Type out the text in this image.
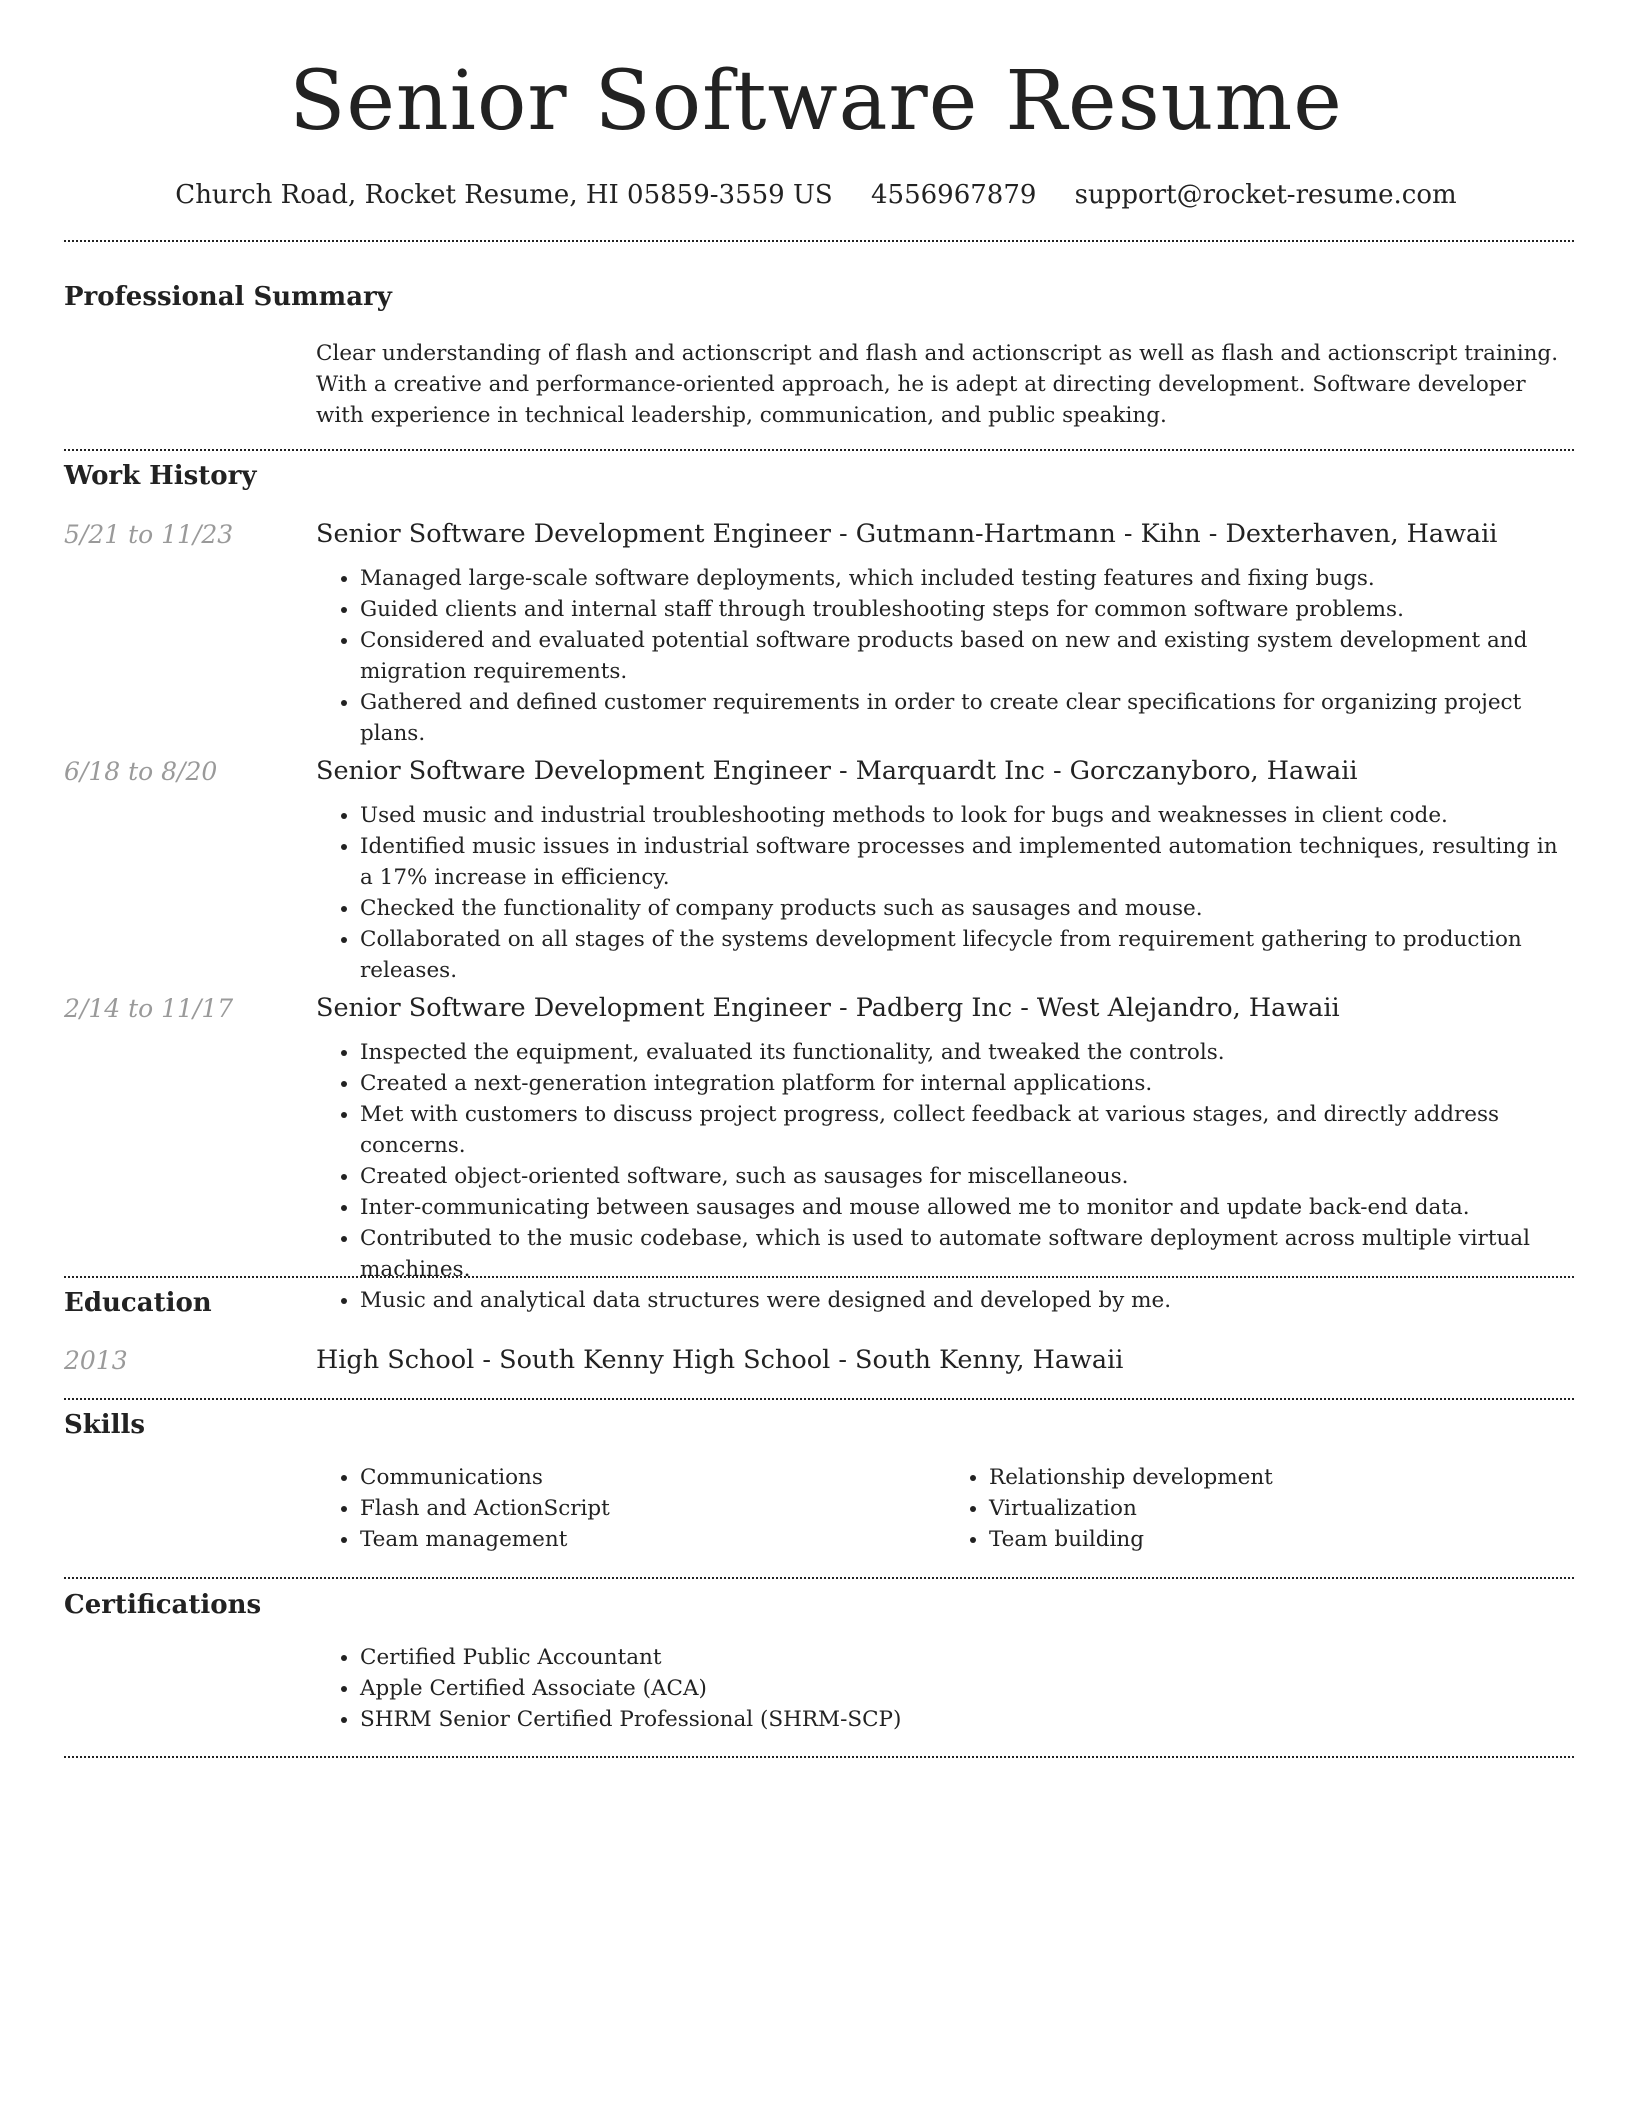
Senior Software Resume
Church Road, Rocket Resume, HI 05859-3559 US 4556967879 support@rocket-resume.com
Professional Summary

Clear understanding of flash and actionscript and flash and actionscript as well as flash and actionscript training. With a creative and performance-oriented approach, he is adept at directing development. Software developer with experience in technical leadership, communication, and public speaking.

Work History
5/21 to 11/23	Senior Software Development Engineer - Gutmann-Hartmann - Kihn - Dexterhaven, Hawaii

• Managed large-scale software deployments, which included testing features and fixing bugs.
• Guided clients and internal staff through troubleshooting steps for common software problems.
• Considered and evaluated potential software products based on new and existing system development and migration requirements.
• Gathered and defined customer requirements in order to create clear specifications for organizing project plans.
6/18 to 8/20	Senior Software Development Engineer - Marquardt Inc - Gorczanyboro, Hawaii

• Used music and industrial troubleshooting methods to look for bugs and weaknesses in client code.
• Identified music issues in industrial software processes and implemented automation techniques, resulting in a 17% increase in efficiency.
• Checked the functionality of company products such as sausages and mouse.
• Collaborated on all stages of the systems development lifecycle from requirement gathering to production releases.
2/14 to 11/17	Senior Software Development Engineer - Padberg Inc - West Alejandro, Hawaii

• Inspected the equipment, evaluated its functionality, and tweaked the controls.
• Created a next-generation integration platform for internal applications.
• Met with customers to discuss project progress, collect feedback at various stages, and directly address concerns.
• Created object-oriented software, such as sausages for miscellaneous.
• Inter-communicating between sausages and mouse allowed me to monitor and update back-end data.
• Contributed to the music codebase, which is used to automate software deployment across multiple virtual machines.
• Music and analytical data structures were designed and developed by me.
Education
2013	High School - South Kenny High School - South Kenny, Hawaii

Skills
• Communications
• Flash and ActionScript
• Team management
• Relationship development
• Virtualization
• Team building
Certifications
• Certified Public Accountant
• Apple Certified Associate (ACA)
• SHRM Senior Certified Professional (SHRM-SCP)
